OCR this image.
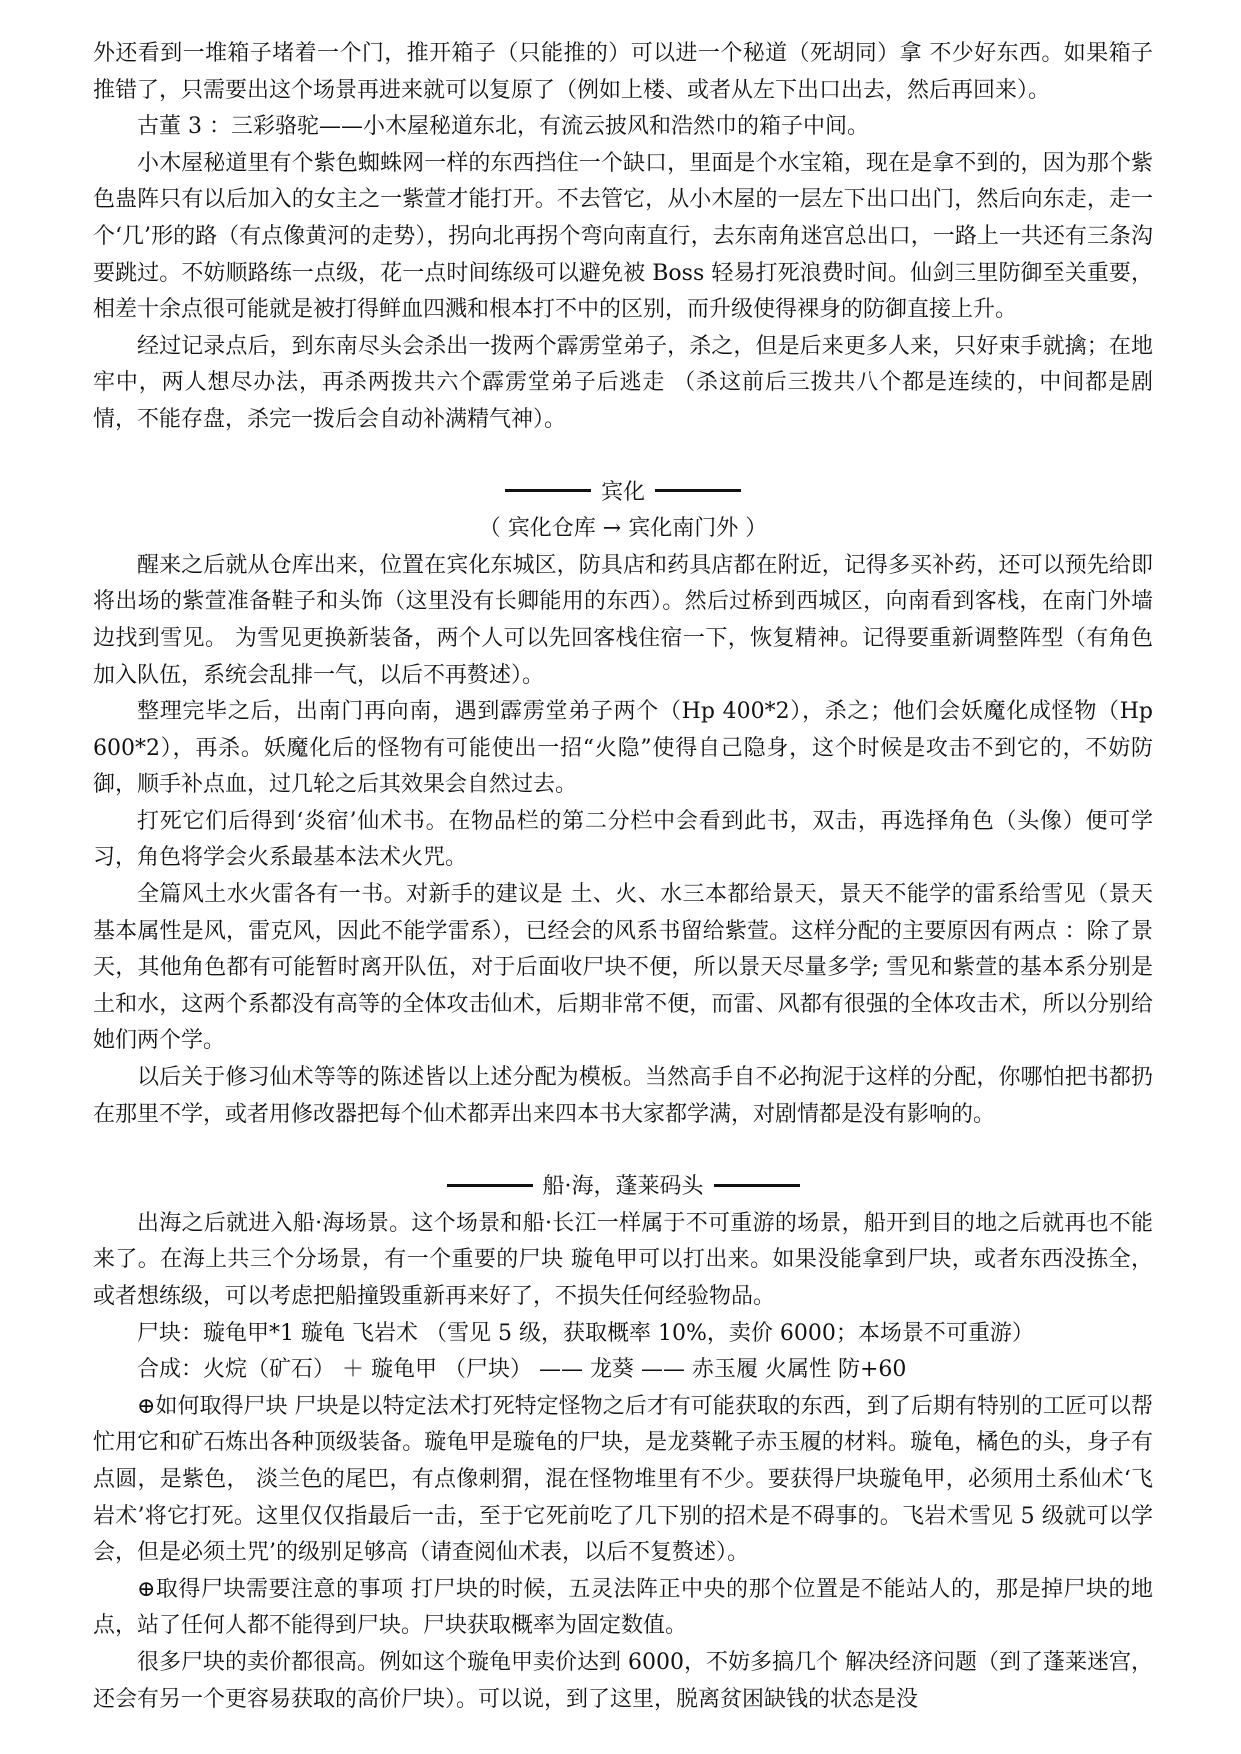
外还看到一堆箱子堵着一个门，推开箱子（只能推的）可以进一个秘道（死胡同）拿 不少好东西。如果箱子推错了，只需要出这个场景再进来就可以复原了（例如上楼、或者从左下出口出去，然后再回来）。

古董 3 ：三彩骆驼——小木屋秘道东北，有流云披风和浩然巾的箱子中间。

小木屋秘道里有个紫色蜘蛛网一样的东西挡住一个缺口，里面是个水宝箱，现在是拿不到的，因为那个紫色蛊阵只有以后加入的女主之一紫萱才能打开。不去管它，从小木屋的一层左下出口出门，然后向东走，走一个‘几’形的路（有点像黄河的走势），拐向北再拐个弯向南直行，去东南角迷宫总出口，一路上一共还有三条沟要跳过。不妨顺路练一点级，花一点时间练级可以避免被 Boss 轻易打死浪费时间。仙剑三里防御至关重要，相差十余点很可能就是被打得鲜血四溅和根本打不中的区别，而升级使得裸身的防御直接上升。

经过记录点后，到东南尽头会杀出一拨两个霹雳堂弟子，杀之，但是后来更多人来，只好束手就擒；在地牢中，两人想尽办法，再杀两拨共六个霹雳堂弟子后逃走 （杀这前后三拨共八个都是连续的，中间都是剧情，不能存盘，杀完一拨后会自动补满精气神）。

宾化

（ 宾化仓库 → 宾化南门外 ）

醒来之后就从仓库出来，位置在宾化东城区，防具店和药具店都在附近，记得多买补药，还可以预先给即将出场的紫萱准备鞋子和头饰（这里没有长卿能用的东西）。然后过桥到西城区，向南看到客栈，在南门外墙边找到雪见。 为雪见更换新装备，两个人可以先回客栈住宿一下，恢复精神。记得要重新调整阵型（有角色加入队伍，系统会乱排一气，以后不再赘述）。

整理完毕之后，出南门再向南，遇到霹雳堂弟子两个（Hp 400*2），杀之；他们会妖魔化成怪物（Hp 600*2），再杀。妖魔化后的怪物有可能使出一招“火隐”使得自己隐身，这个时候是攻击不到它的，不妨防御，顺手补点血，过几轮之后其效果会自然过去。

打死它们后得到‘炎宿’仙术书。在物品栏的第二分栏中会看到此书，双击，再选择角色（头像）便可学习，角色将学会火系最基本法术火咒。

全篇风土水火雷各有一书。对新手的建议是 土、火、水三本都给景天，景天不能学的雷系给雪见（景天基本属性是风，雷克风，因此不能学雷系），已经会的风系书留给紫萱。这样分配的主要原因有两点 ：除了景天，其他角色都有可能暂时离开队伍，对于后面收尸块不便，所以景天尽量多学; 雪见和紫萱的基本系分别是土和水，这两个系都没有高等的全体攻击仙术，后期非常不便，而雷、风都有很强的全体攻击术，所以分别给她们两个学。

以后关于修习仙术等等的陈述皆以上述分配为模板。当然高手自不必拘泥于这样的分配，你哪怕把书都扔在那里不学，或者用修改器把每个仙术都弄出来四本书大家都学满，对剧情都是没有影响的。

船·海，蓬莱码头

出海之后就进入船·海场景。这个场景和船·长江一样属于不可重游的场景，船开到目的地之后就再也不能来了。在海上共三个分场景，有一个重要的尸块 璇龟甲可以打出来。如果没能拿到尸块，或者东西没拣全，或者想练级，可以考虑把船撞毁重新再来好了，不损失任何经验物品。

尸块：璇龟甲*1 璇龟 飞岩术 （雪见 5 级，获取概率 10%，卖价 6000；本场景不可重游）

合成：火烷（矿石） ＋ 璇龟甲 （尸块） —— 龙葵 —— 赤玉履 火属性 防+60

⊕如何取得尸块 尸块是以特定法术打死特定怪物之后才有可能获取的东西，到了后期有特别的工匠可以帮忙用它和矿石炼出各种顶级装备。璇龟甲是璇龟的尸块，是龙葵靴子赤玉履的材料。璇龟，橘色的头，身子有点圆，是紫色， 淡兰色的尾巴，有点像刺猬，混在怪物堆里有不少。要获得尸块璇龟甲，必须用土系仙术‘飞岩术’将它打死。这里仅仅指最后一击，至于它死前吃了几下别的招术是不碍事的。飞岩术雪见 5 级就可以学会，但是必须土咒’的级别足够高（请查阅仙术表，以后不复赘述）。

⊕取得尸块需要注意的事项 打尸块的时候，五灵法阵正中央的那个位置是不能站人的，那是掉尸块的地点，站了任何人都不能得到尸块。尸块获取概率为固定数值。

很多尸块的卖价都很高。例如这个璇龟甲卖价达到 6000，不妨多搞几个 解决经济问题（到了蓬莱迷宫，还会有另一个更容易获取的高价尸块）。可以说，到了这里，脱离贫困缺钱的状态是没
